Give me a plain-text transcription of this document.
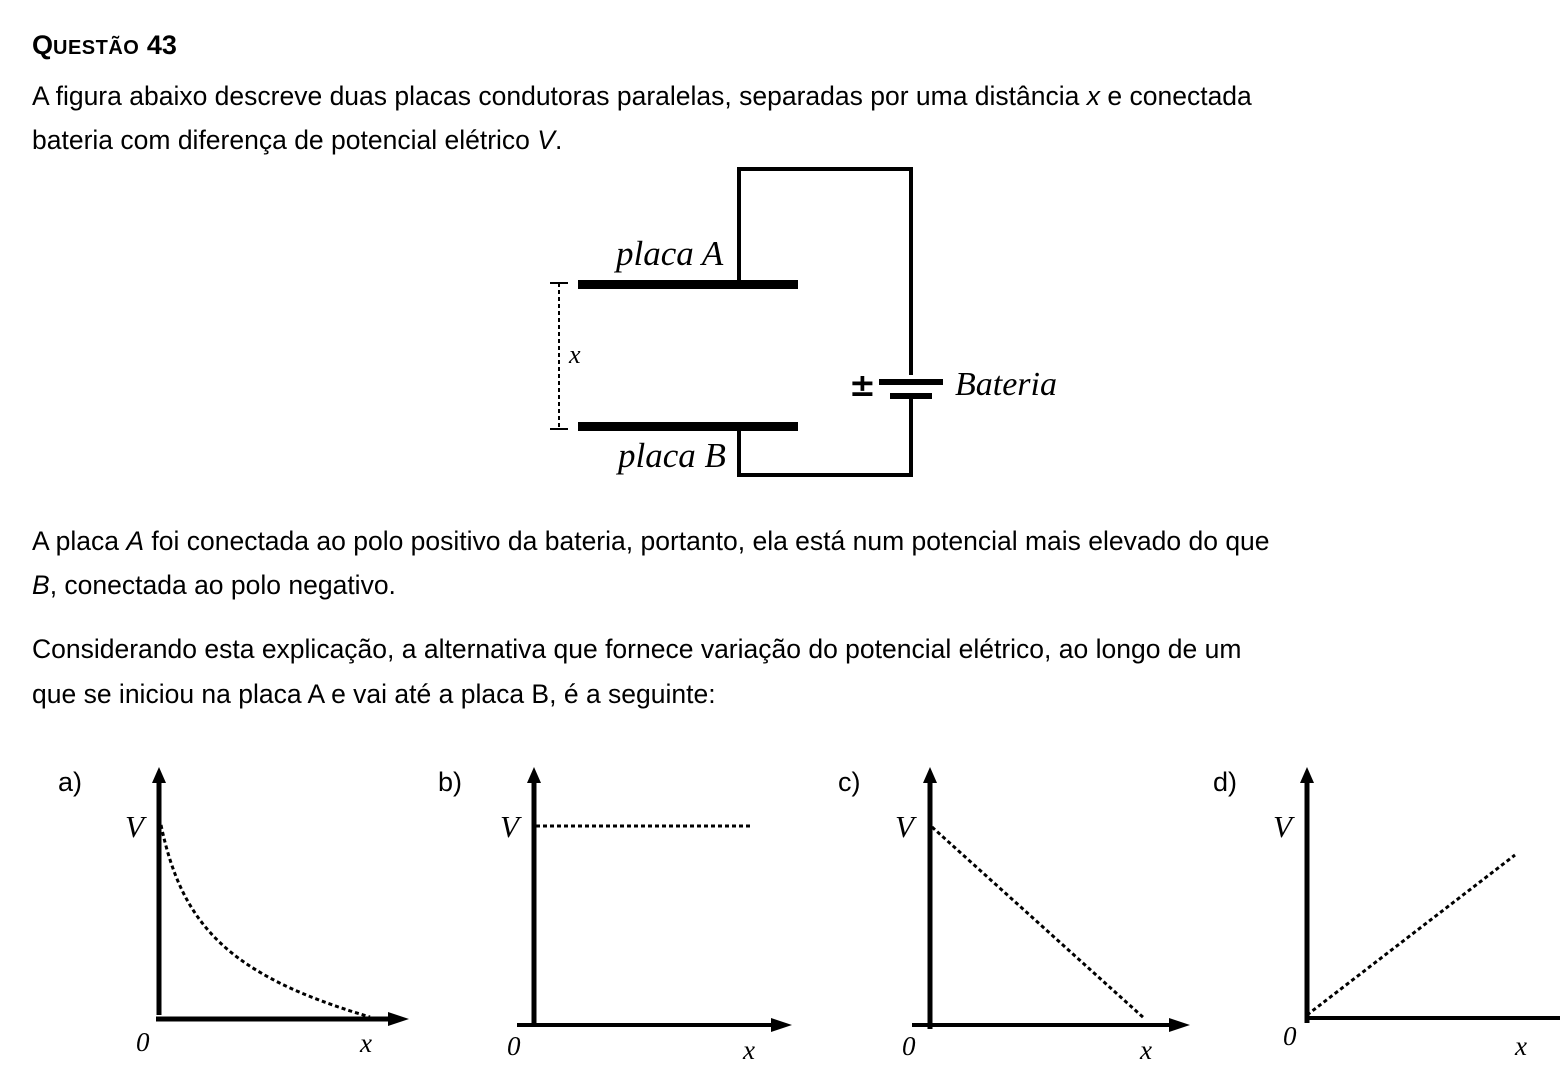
QUESTÃO 43

A figura abaixo descreve duas placas condutoras paralelas, separadas por uma distância x e conectada

bateria com diferença de potencial elétrico V.

placa A
placa B
x
Bateria
±

A placa A foi conectada ao polo positivo da bateria, portanto, ela está num potencial mais elevado do que

B, conectada ao polo negativo.

Considerando esta explicação, a alternativa que fornece variação do potencial elétrico, ao longo de um

que se iniciou na placa A e vai até a placa B, é a seguinte:

a)
V
0	x
b)
V
0	x
c)
V
0	x
d)
V
0	x
